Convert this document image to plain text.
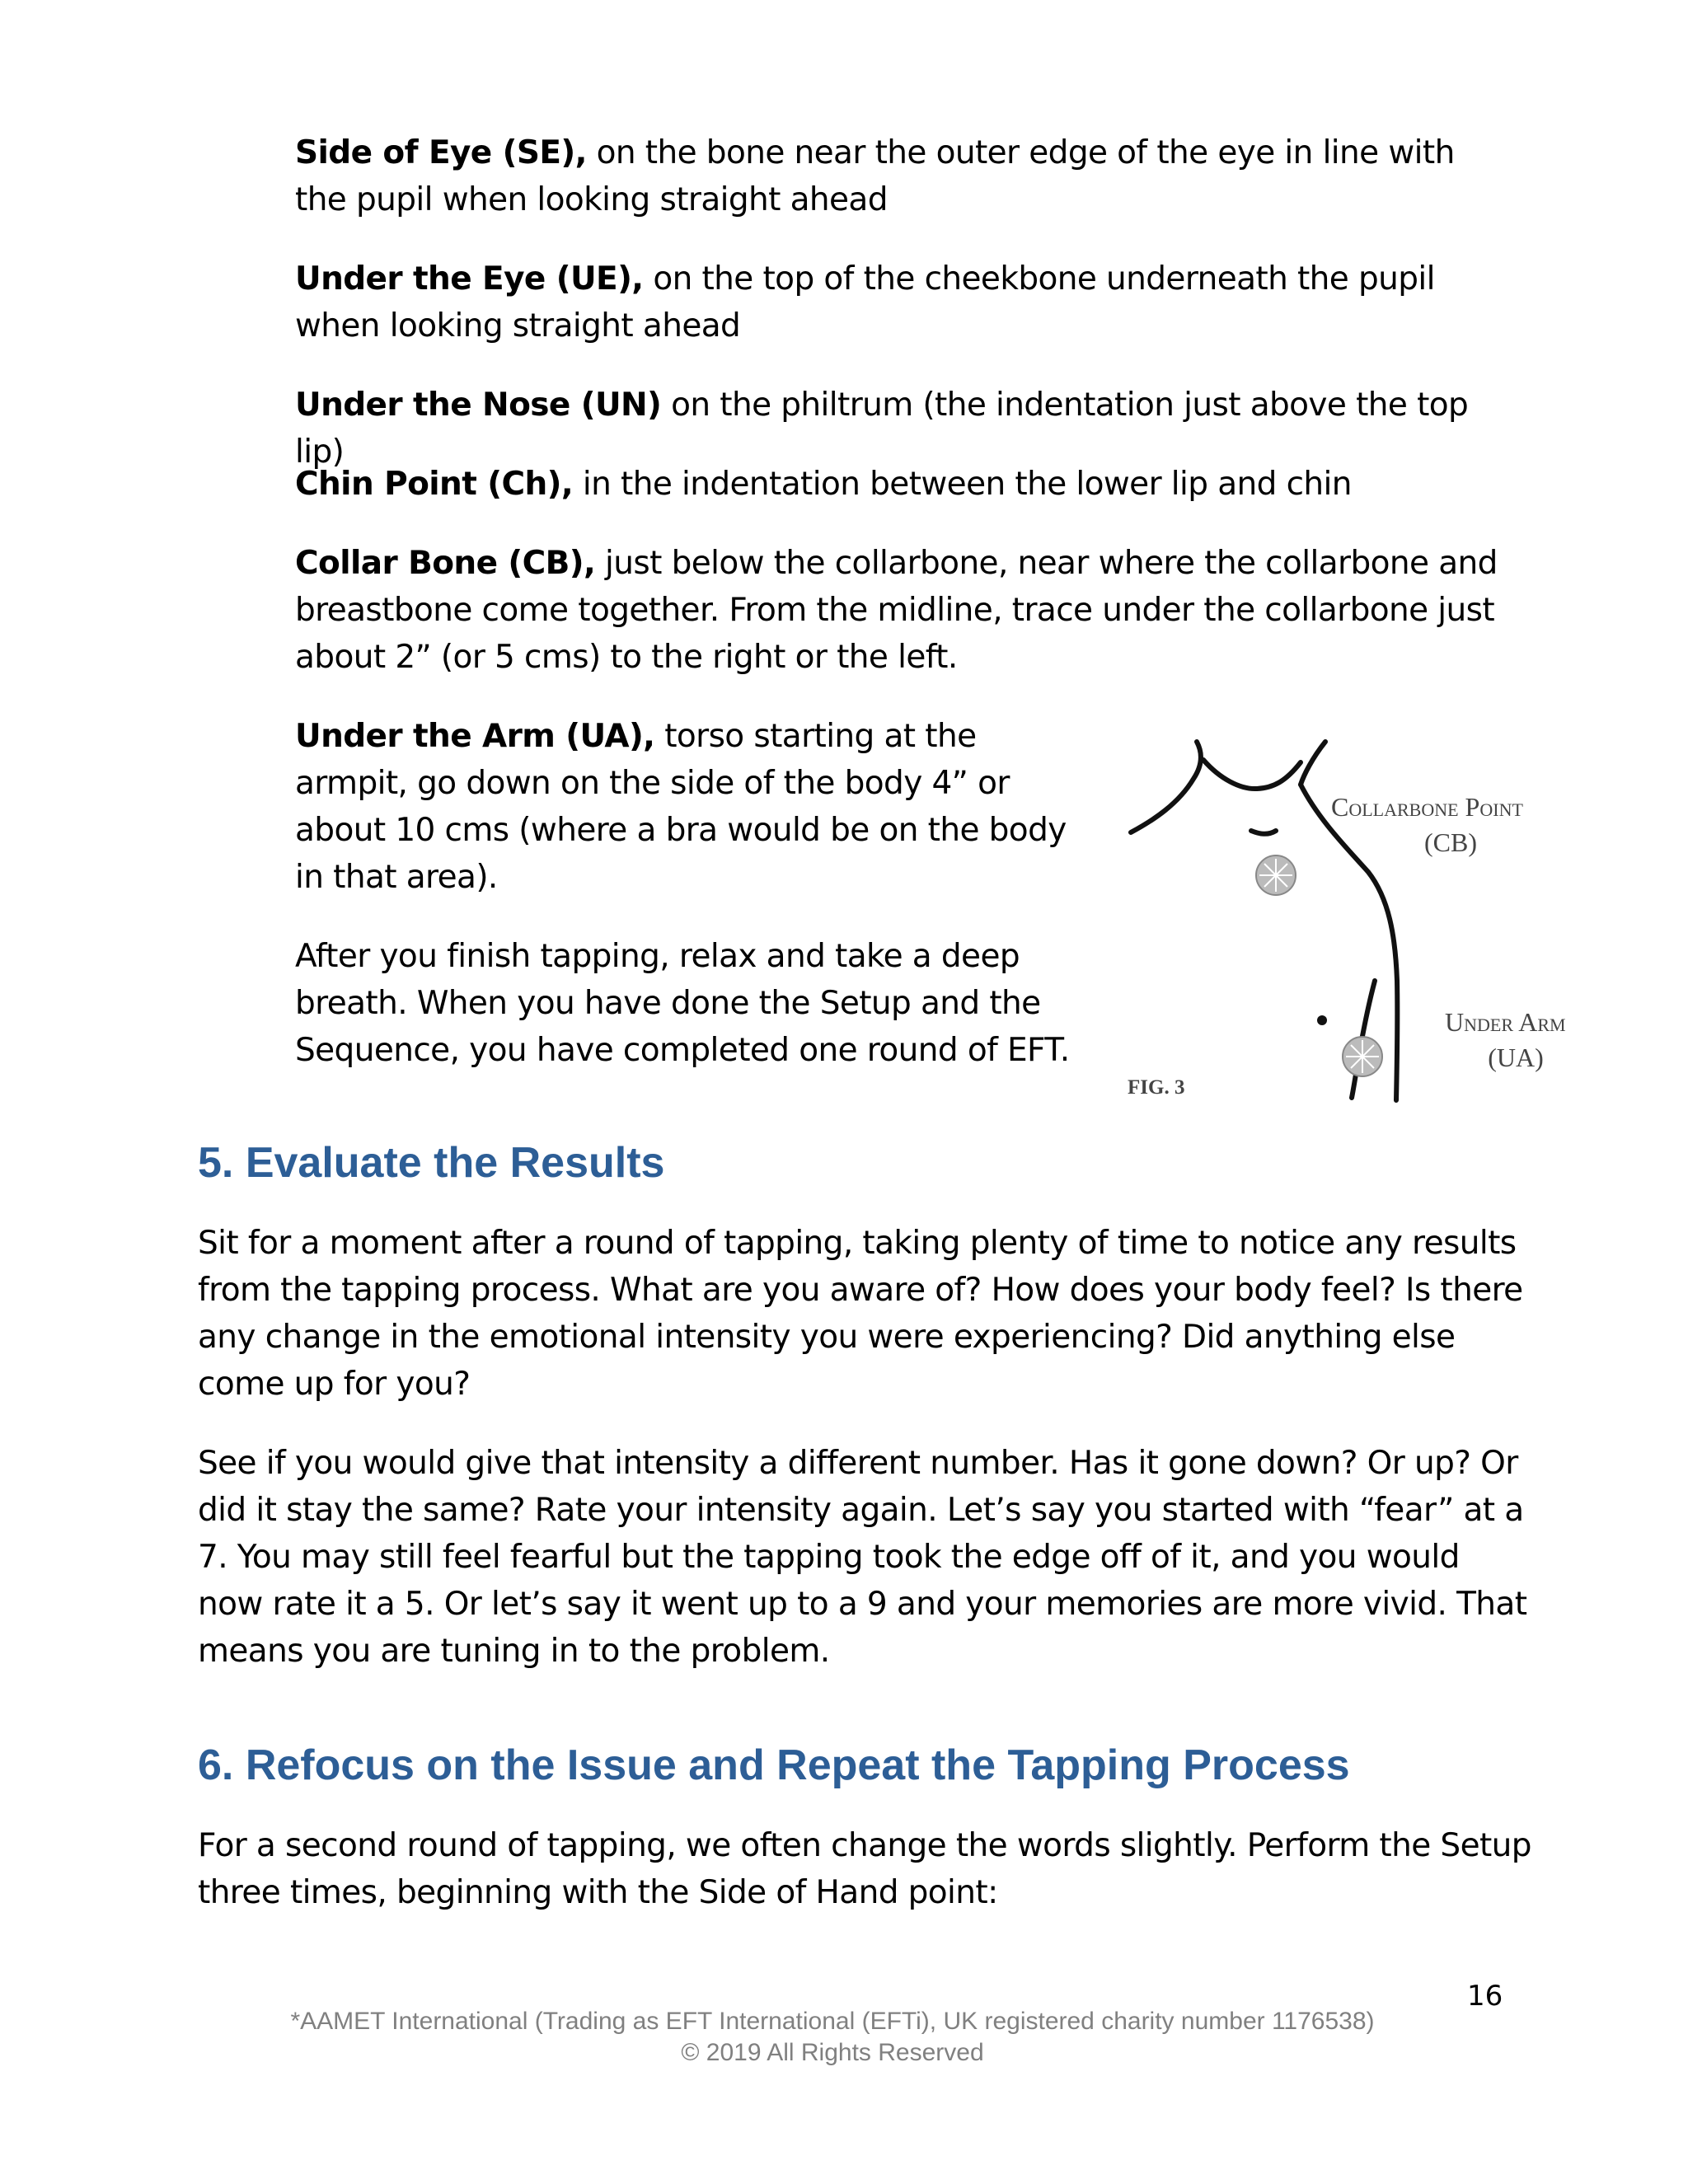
Side of Eye (SE), on the bone near the outer edge of the eye in line with the pupil when looking straight ahead

Under the Eye (UE), on the top of the cheekbone underneath the pupil when looking straight ahead

Under the Nose (UN) on the philtrum (the indentation just above the top lip)

Chin Point (Ch), in the indentation between the lower lip and chin

Collar Bone (CB), just below the collarbone, near where the collarbone and breastbone come together. From the midline, trace under the collarbone just about 2” (or 5 cms) to the right or the left.

Under the Arm (UA), torso starting at the armpit, go down on the side of the body 4” or about 10 cms (where a bra would be on the body in that area).

After you finish tapping, relax and take a deep breath. When you have done the Setup and the Sequence, you have completed one round of EFT.

Collarbone Point
(CB)
Under Arm
(UA)
FIG. 3
5. Evaluate the Results

Sit for a moment after a round of tapping, taking plenty of time to notice any results from the tapping process. What are you aware of? How does your body feel? Is there any change in the emotional intensity you were experiencing? Did anything else come up for you?

See if you would give that intensity a different number. Has it gone down? Or up? Or did it stay the same? Rate your intensity again. Let’s say you started with “fear” at a 7. You may still feel fearful but the tapping took the edge off of it, and you would now rate it a 5. Or let’s say it went up to a 9 and your memories are more vivid. That means you are tuning in to the problem.

6. Refocus on the Issue and Repeat the Tapping Process

For a second round of tapping, we often change the words slightly. Perform the Setup three times, beginning with the Side of Hand point:

16

*AAMET International (Trading as EFT International (EFTi), UK registered charity number 1176538)

© 2019 All Rights Reserved
